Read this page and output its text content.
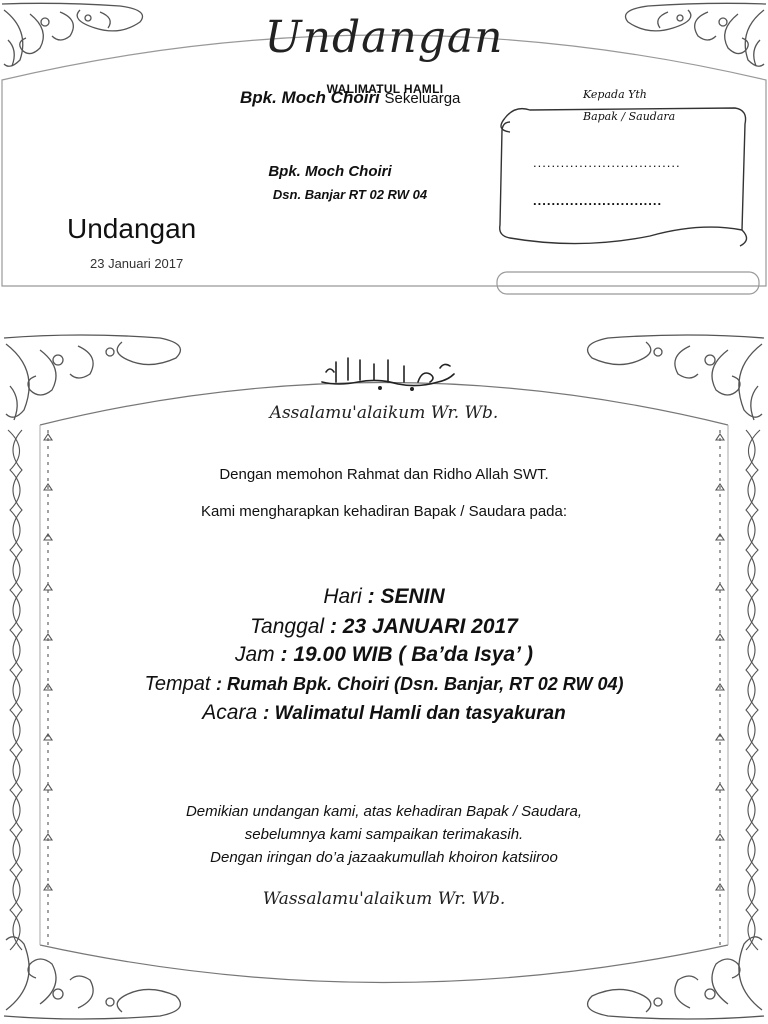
Undangan
WALIMATUL HAMLI
Bpk. Moch Choiri Sekeluarga
Bpk. Moch Choiri
Dsn. Banjar RT 02 RW 04
Undangan
23 Januari 2017
Kepada Yth
Bapak / Saudara
................................
............................
Assalamu'alaikum Wr. Wb.
Dengan memohon Rahmat dan Ridho Allah SWT.
Kami mengharapkan kehadiran Bapak / Saudara pada:
Hari : SENIN
Tanggal : 23 JANUARI 2017
Jam : 19.00 WIB ( Ba’da Isya’ )
Tempat : Rumah Bpk. Choiri (Dsn. Banjar, RT 02 RW 04)
Acara : Walimatul Hamli dan tasyakuran
Demikian undangan kami, atas kehadiran Bapak / Saudara,
sebelumnya kami sampaikan terimakasih.
Dengan iringan do’a jazaakumullah khoiron katsiiroo
Wassalamu'alaikum Wr. Wb.
